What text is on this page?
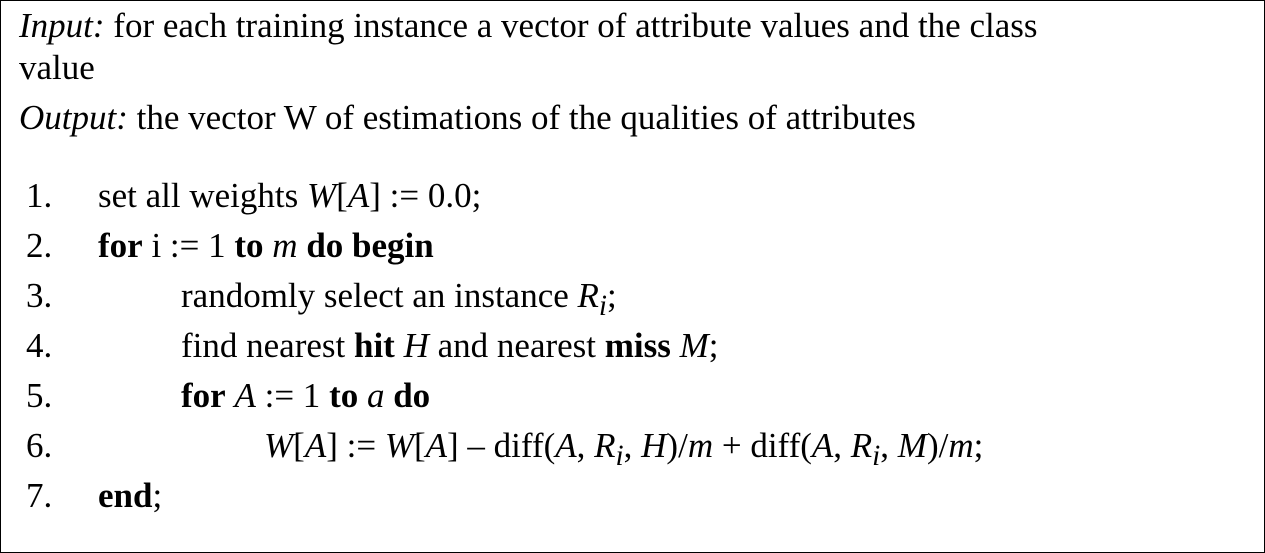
Input: for each training instance a vector of attribute values and the class
value

Output: the vector W of estimations of the qualities of attributes

1. set all weights W[A] := 0.0;
2. for i := 1 to m do begin
3.	randomly select an instance $R_i$;
4.	find nearest hit H and nearest miss M;
5.	for A := 1 to a do
6.	W[A] := W[A] – diff(A, $R_i$, H)/m + diff(A, $R_i$, M)/m;
7. end;
